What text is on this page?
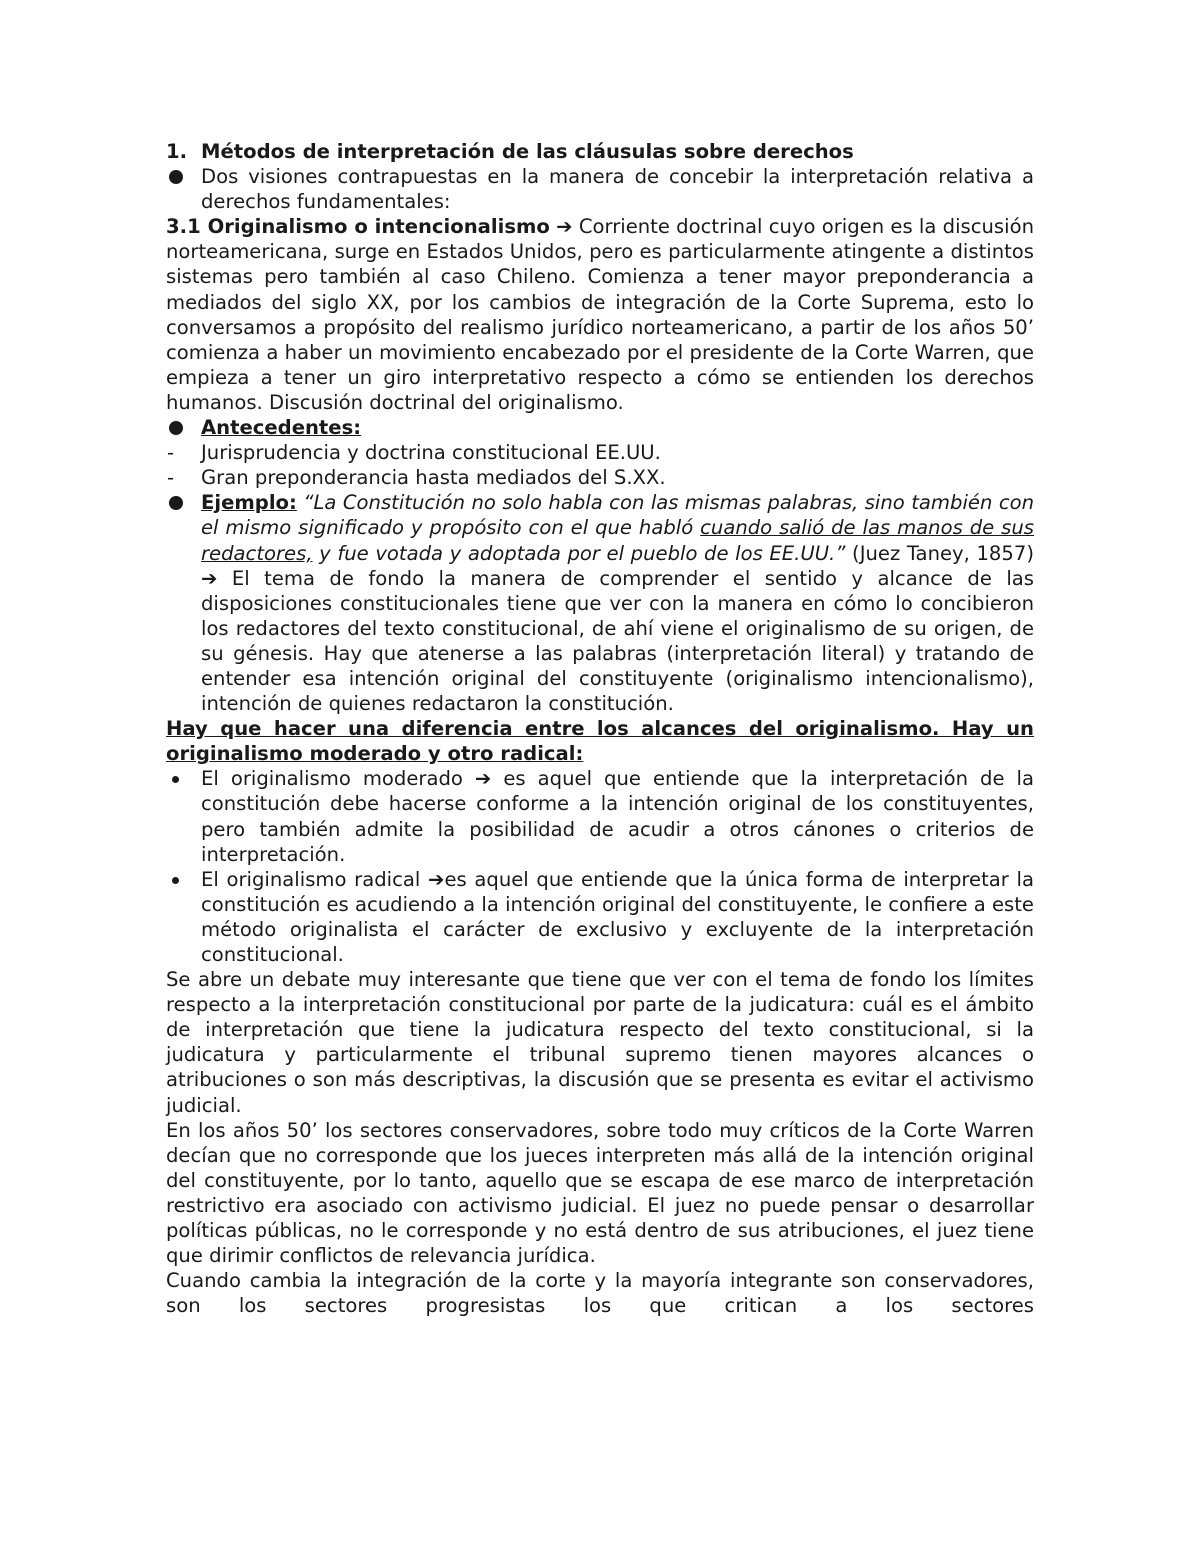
1. Métodos de interpretación de las cláusulas sobre derechos

Dos visiones contrapuestas en la manera de concebir la interpretación relativa a derechos fundamentales:

3.1 Originalismo o intencionalismo ➔ Corriente doctrinal cuyo origen es la discusión norteamericana, surge en Estados Unidos, pero es particularmente atingente a distintos sistemas pero también al caso Chileno. Comienza a tener mayor preponderancia a mediados del siglo XX, por los cambios de integración de la Corte Suprema, esto lo conversamos a propósito del realismo jurídico norteamericano, a partir de los años 50’ comienza a haber un movimiento encabezado por el presidente de la Corte Warren, que empieza a tener un giro interpretativo respecto a cómo se entienden los derechos humanos. Discusión doctrinal del originalismo.

Antecedentes:

-

Jurisprudencia y doctrina constitucional EE.UU.

-

Gran preponderancia hasta mediados del S.XX.

Ejemplo: “La Constitución no solo habla con las mismas palabras, sino también con el mismo significado y propósito con el que habló cuando salió de las manos de sus redactores, y fue votada y adoptada por el pueblo de los EE.UU.” (Juez Taney, 1857) ➔ El tema de fondo la manera de comprender el sentido y alcance de las disposiciones constitucionales tiene que ver con la manera en cómo lo concibieron los redactores del texto constitucional, de ahí viene el originalismo de su origen, de su génesis. Hay que atenerse a las palabras (interpretación literal) y tratando de entender esa intención original del constituyente (originalismo intencionalismo), intención de quienes redactaron la constitución.

Hay que hacer una diferencia entre los alcances del originalismo. Hay un originalismo moderado y otro radical:

El originalismo moderado ➔ es aquel que entiende que la interpretación de la constitución debe hacerse conforme a la intención original de los constituyentes, pero también admite la posibilidad de acudir a otros cánones o criterios de interpretación.

El originalismo radical ➔es aquel que entiende que la única forma de interpretar la constitución es acudiendo a la intención original del constituyente, le confiere a este método originalista el carácter de exclusivo y excluyente de la interpretación constitucional.

Se abre un debate muy interesante que tiene que ver con el tema de fondo los límites respecto a la interpretación constitucional por parte de la judicatura: cuál es el ámbito de interpretación que tiene la judicatura respecto del texto constitucional, si la judicatura y particularmente el tribunal supremo tienen mayores alcances o atribuciones o son más descriptivas, la discusión que se presenta es evitar el activismo judicial.

En los años 50’ los sectores conservadores, sobre todo muy críticos de la Corte Warren decían que no corresponde que los jueces interpreten más allá de la intención original del constituyente, por lo tanto, aquello que se escapa de ese marco de interpretación restrictivo era asociado con activismo judicial. El juez no puede pensar o desarrollar políticas públicas, no le corresponde y no está dentro de sus atribuciones, el juez tiene que dirimir conflictos de relevancia jurídica.

Cuando cambia la integración de la corte y la mayoría integrante son conservadores, son los sectores progresistas los que critican a los sectores
